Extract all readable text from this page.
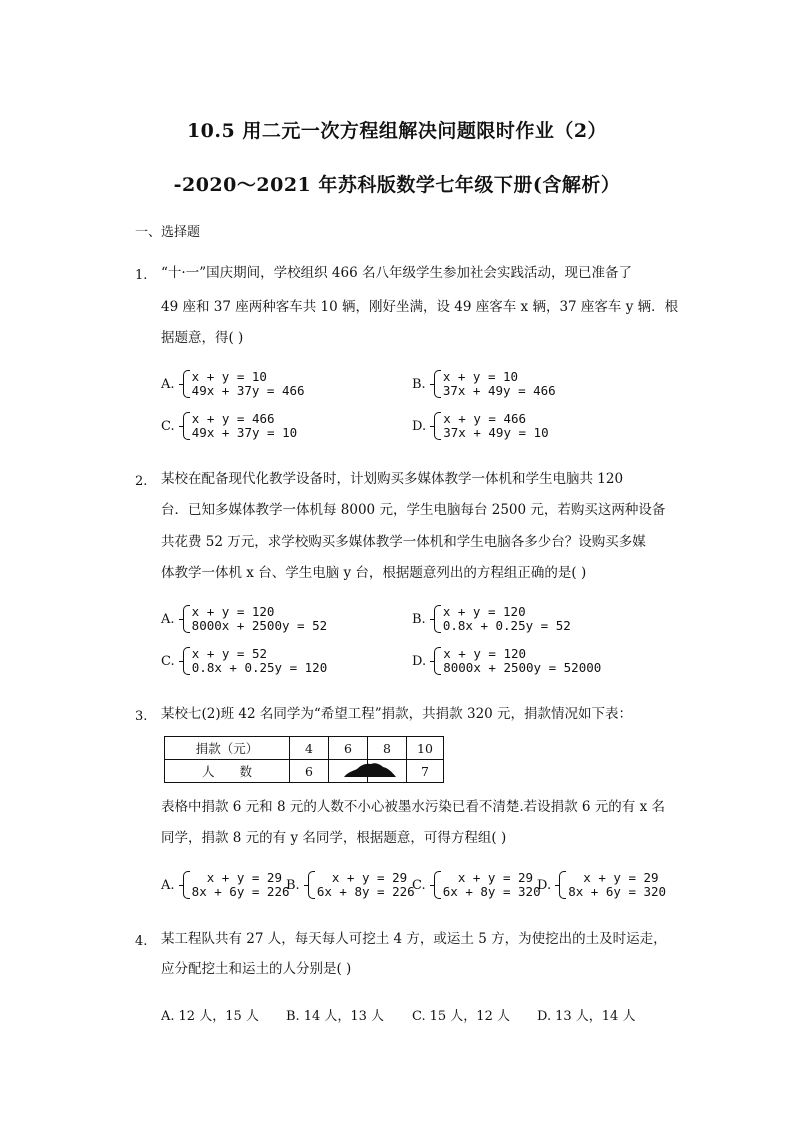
10.5 用二元一次方程组解决问题限时作业（2）
-2020～2021 年苏科版数学七年级下册(含解析）
一、选择题
1. “十·一”国庆期间，学校组织 466 名八年级学生参加社会实践活动，现已准备了
49 座和 37 座两种客车共 10 辆，刚好坐满，设 49 座客车 x 辆，37 座客车 y 辆．根
据题意，得( )
A. x + y = 10
49x + 37y = 466	B. x + y = 10
37x + 49y = 466
C. x + y = 466
49x + 37y = 10	D. x + y = 466
37x + 49y = 10
2. 某校在配备现代化教学设备时，计划购买多媒体教学一体机和学生电脑共 120
台．已知多媒体教学一体机每 8000 元，学生电脑每台 2500 元，若购买这两种设备
共花费 52 万元，求学校购买多媒体教学一体机和学生电脑各多少台？设购买多媒
体教学一体机 x 台、学生电脑 y 台，根据题意列出的方程组正确的是( )
A. x + y = 120
8000x + 2500y = 52	B. x + y = 120
0.8x + 0.25y = 52
C. x + y = 52
0.8x + 0.25y = 120	D. x + y = 120
8000x + 2500y = 52000
3. 某校七(2)班 42 名同学为“希望工程”捐款，共捐款 320 元，捐款情况如下表：
捐款（元）	4	6	8	10
人　　数	6			7
表格中捐款 6 元和 8 元的人数不小心被墨水污染已看不清楚.若设捐款 6 元的有 x 名
同学，捐款 8 元的有 y 名同学，根据题意，可得方程组( )
A. x + y = 29
8x + 6y = 226
B. x + y = 29
6x + 8y = 226
C. x + y = 29
6x + 8y = 320
D. x + y = 29
8x + 6y = 320
4. 某工程队共有 27 人，每天每人可挖土 4 方，或运土 5 方，为使挖出的土及时运走，
应分配挖土和运土的人分别是( )
A. 12 人，15 人 B. 14 人，13 人 C. 15 人，12 人 D. 13 人，14 人
